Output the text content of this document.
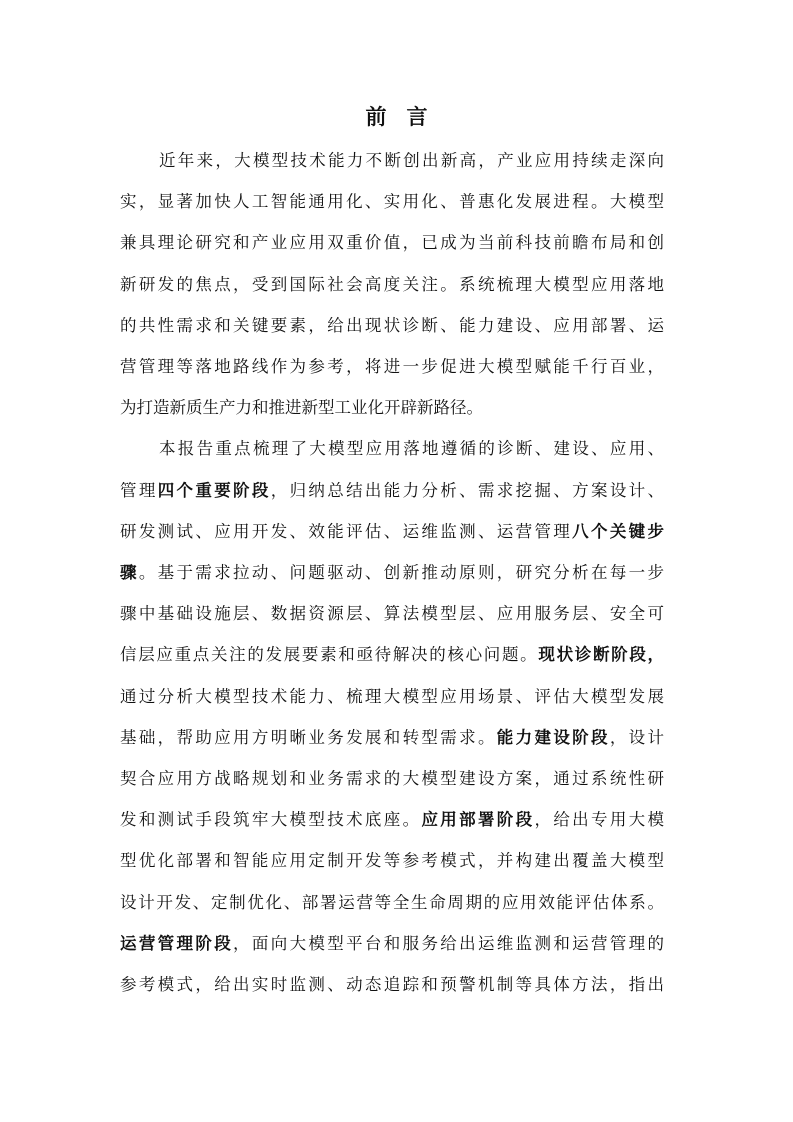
前言
近年来，大模型技术能力不断创出新高，产业应用持续走深向
实，显著加快人工智能通用化、实用化、普惠化发展进程。大模型
兼具理论研究和产业应用双重价值，已成为当前科技前瞻布局和创
新研发的焦点，受到国际社会高度关注。系统梳理大模型应用落地
的共性需求和关键要素，给出现状诊断、能力建设、应用部署、运
营管理等落地路线作为参考，将进一步促进大模型赋能千行百业，
为打造新质生产力和推进新型工业化开辟新路径。
本报告重点梳理了大模型应用落地遵循的诊断、建设、应用、
管理四个重要阶段，归纳总结出能力分析、需求挖掘、方案设计、
研发测试、应用开发、效能评估、运维监测、运营管理八个关键步
骤。基于需求拉动、问题驱动、创新推动原则，研究分析在每一步
骤中基础设施层、数据资源层、算法模型层、应用服务层、安全可
信层应重点关注的发展要素和亟待解决的核心问题。现状诊断阶段，
通过分析大模型技术能力、梳理大模型应用场景、评估大模型发展
基础，帮助应用方明晰业务发展和转型需求。能力建设阶段，设计
契合应用方战略规划和业务需求的大模型建设方案，通过系统性研
发和测试手段筑牢大模型技术底座。应用部署阶段，给出专用大模
型优化部署和智能应用定制开发等参考模式，并构建出覆盖大模型
设计开发、定制优化、部署运营等全生命周期的应用效能评估体系。
运营管理阶段，面向大模型平台和服务给出运维监测和运营管理的
参考模式，给出实时监测、动态追踪和预警机制等具体方法，指出
